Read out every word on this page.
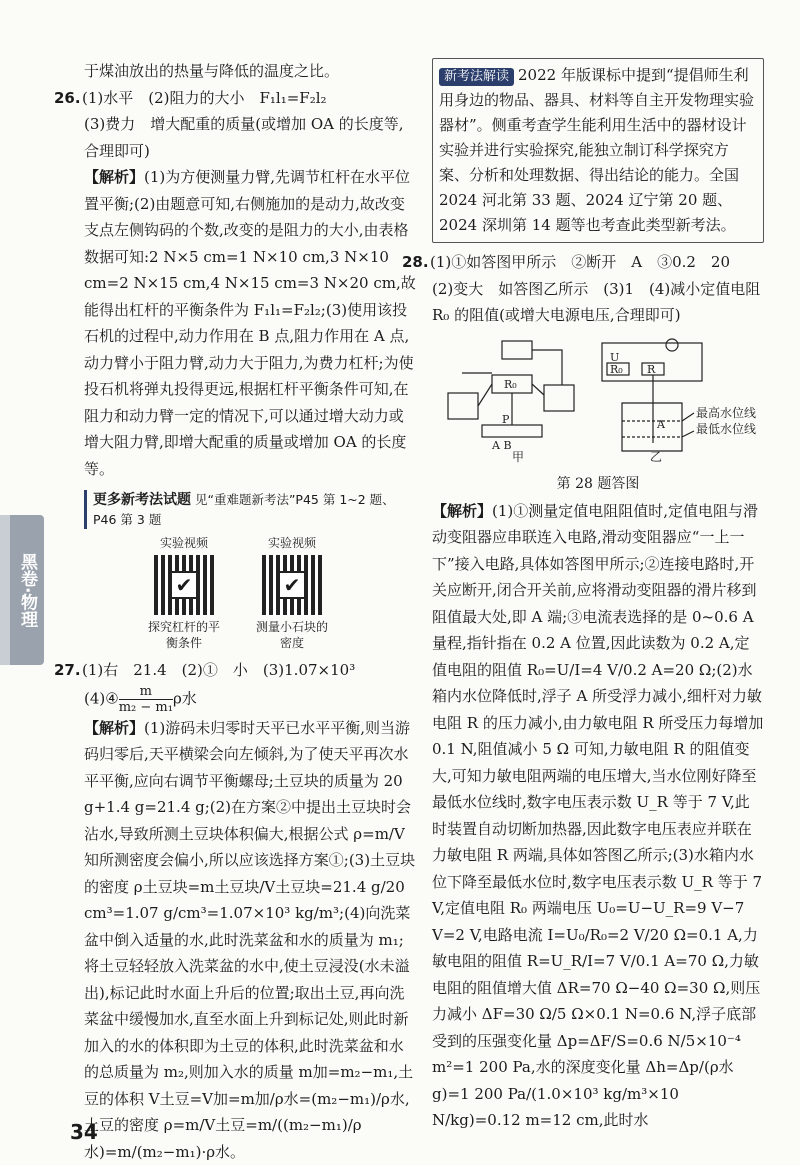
黑卷·物理

于煤油放出的热量与降低的温度之比。

26.(1)水平　(2)阻力的大小　F₁l₁=F₂l₂

(3)费力　增大配重的质量(或增加 OA 的长度等,合理即可)

【解析】(1)为方便测量力臂,先调节杠杆在水平位置平衡;(2)由题意可知,右侧施加的是动力,故改变支点左侧钩码的个数,改变的是阻力的大小,由表格数据可知:2 N×5 cm=1 N×10 cm,3 N×10 cm=2 N×15 cm,4 N×15 cm=3 N×20 cm,故能得出杠杆的平衡条件为 F₁l₁=F₂l₂;(3)使用该投石机的过程中,动力作用在 B 点,阻力作用在 A 点,动力臂小于阻力臂,动力大于阻力,为费力杠杆;为使投石机将弹丸投得更远,根据杠杆平衡条件可知,在阻力和动力臂一定的情况下,可以通过增大动力或增大阻力臂,即增大配重的质量或增加 OA 的长度等。

更多新考法试题 见“重难题新考法”P45 第 1~2 题、P46 第 3 题
实验视频
✔
探究杠杆的平衡条件
实验视频
✔
测量小石块的密度

27.(1)右　21.4　(2)①　小　(3)1.07×10³

(4)④ $\frac{m}{\text{m₂ − m₁}}$ ρ水

【解析】(1)游码未归零时天平已水平平衡,则当游码归零后,天平横梁会向左倾斜,为了使天平再次水平平衡,应向右调节平衡螺母;土豆块的质量为 20 g+1.4 g=21.4 g;(2)在方案②中提出土豆块时会沾水,导致所测土豆块体积偏大,根据公式 ρ=m/V 知所测密度会偏小,所以应该选择方案①;(3)土豆块的密度 ρ土豆块=m土豆块/V土豆块=21.4 g/20 cm³=1.07 g/cm³=1.07×10³ kg/m³;(4)向洗菜盆中倒入适量的水,此时洗菜盆和水的质量为 m₁;将土豆轻轻放入洗菜盆的水中,使土豆浸没(水未溢出),标记此时水面上升后的位置;取出土豆,再向洗菜盆中缓慢加水,直至水面上升到标记处,则此时新加入的水的体积即为土豆的体积,此时洗菜盆和水的总质量为 m₂,则加入水的质量 m加=m₂−m₁,土豆的体积 V土豆=V加=m加/ρ水=(m₂−m₁)/ρ水,土豆的密度 ρ=m/V土豆=m/((m₂−m₁)/ρ水)=m/(m₂−m₁)·ρ水。

新考法解读 2022 年版课标中提到“提倡师生利用身边的物品、器具、材料等自主开发物理实验器材”。侧重考查学生能利用生活中的器材设计实验并进行实验探究,能独立制订科学探究方案、分析和处理数据、得出结论的能力。全国 2024 河北第 33 题、2024 辽宁第 20 题、2024 深圳第 14 题等也考查此类型新考法。

28.(1)①如答图甲所示　②断开　A　③0.2　20

(2)变大　如答图乙所示　(3)1　(4)减小定值电阻 R₀ 的阻值(或增大电源电压,合理即可)

R₀
U
R₀ R
A
P
A B
最高水位线
最低水位线
甲	乙
第 28 题答图

【解析】(1)①测量定值电阻阻值时,定值电阻与滑动变阻器应串联连入电路,滑动变阻器应“一上一下”接入电路,具体如答图甲所示;②连接电路时,开关应断开,闭合开关前,应将滑动变阻器的滑片移到阻值最大处,即 A 端;③电流表选择的是 0~0.6 A 量程,指针指在 0.2 A 位置,因此读数为 0.2 A,定值电阻的阻值 R₀=U/I=4 V/0.2 A=20 Ω;(2)水箱内水位降低时,浮子 A 所受浮力减小,细杆对力敏电阻 R 的压力减小,由力敏电阻 R 所受压力每增加 0.1 N,阻值减小 5 Ω 可知,力敏电阻 R 的阻值变大,可知力敏电阻两端的电压增大,当水位刚好降至最低水位线时,数字电压表示数 U_R 等于 7 V,此时装置自动切断加热器,因此数字电压表应并联在力敏电阻 R 两端,具体如答图乙所示;(3)水箱内水位下降至最低水位时,数字电压表示数 U_R 等于 7 V,定值电阻 R₀ 两端电压 U₀=U−U_R=9 V−7 V=2 V,电路电流 I=U₀/R₀=2 V/20 Ω=0.1 A,力敏电阻的阻值 R=U_R/I=7 V/0.1 A=70 Ω,力敏电阻的阻值增大值 ΔR=70 Ω−40 Ω=30 Ω,则压力减小 ΔF=30 Ω/5 Ω×0.1 N=0.6 N,浮子底部受到的压强变化量 Δp=ΔF/S=0.6 N/5×10⁻⁴ m²=1 200 Pa,水的深度变化量 Δh=Δp/(ρ水g)=1 200 Pa/(1.0×10³ kg/m³×10 N/kg)=0.12 m=12 cm,此时水

34
